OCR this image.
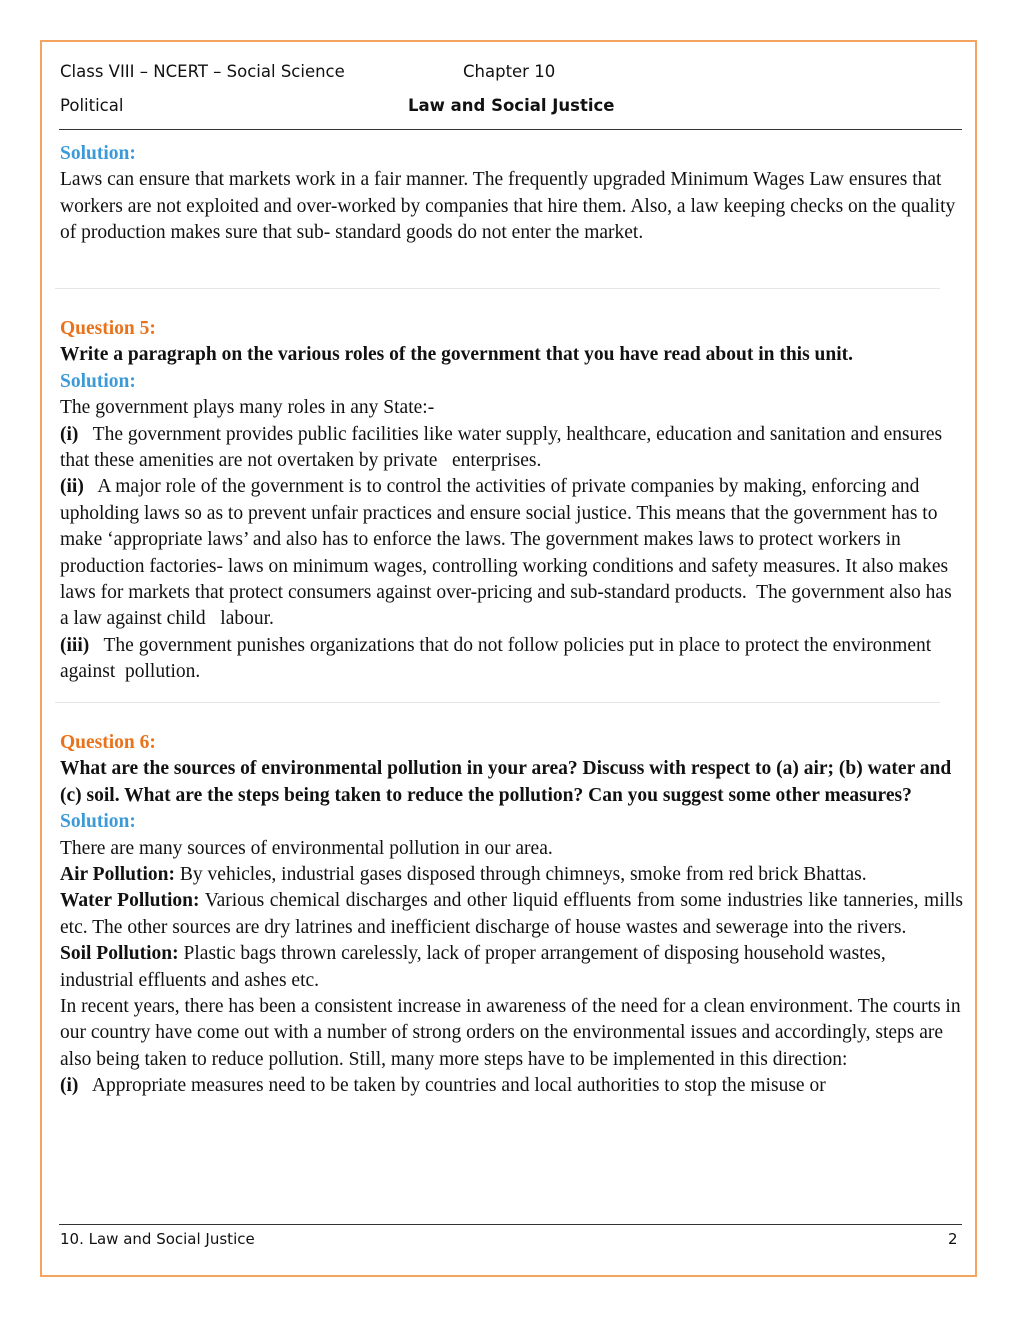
Class VIII – NCERT – Social Science	Chapter 10
Political	Law and Social Justice

Solution:

Laws can ensure that markets work in a fair manner. The frequently upgraded Minimum Wages Law ensures that workers are not exploited and over-worked by companies that hire them. Also, a law keeping checks on the quality of production makes sure that sub- standard goods do not enter the market.

Question 5:

Write a paragraph on the various roles of the government that you have read about in this unit.

Solution:

The government plays many roles in any State:-

(i)   The government provides public facilities like water supply, healthcare, education and sanitation and ensures that these amenities are not overtaken by private   enterprises.

(ii)   A major role of the government is to control the activities of private companies by making, enforcing and upholding laws so as to prevent unfair practices and ensure social justice. This means that the government has to make ‘appropriate laws’ and also has to enforce the laws. The government makes laws to protect workers in production factories- laws on minimum wages, controlling working conditions and safety measures. It also makes laws for markets that protect consumers against over-pricing and sub-standard products.  The government also has a law against child   labour.

(iii)   The government punishes organizations that do not follow policies put in place to protect the environment against  pollution.

Question 6:

What are the sources of environmental pollution in your area? Discuss with respect to (a) air; (b) water and (c) soil. What are the steps being taken to reduce the pollution? Can you suggest some other measures?

Solution:

There are many sources of environmental pollution in our area.

Air Pollution: By vehicles, industrial gases disposed through chimneys, smoke from red brick Bhattas.

Water Pollution: Various chemical discharges and other liquid effluents from some industries like tanneries, mills etc. The other sources are dry latrines and inefficient discharge of house wastes and sewerage into the rivers.

Soil Pollution: Plastic bags thrown carelessly, lack of proper arrangement of disposing household wastes, industrial effluents and ashes etc.

In recent years, there has been a consistent increase in awareness of the need for a clean environment. The courts in our country have come out with a number of strong orders on the environmental issues and accordingly, steps are also being taken to reduce pollution. Still, many more steps have to be implemented in this direction:

(i)   Appropriate measures need to be taken by countries and local authorities to stop the misuse or

10. Law and Social Justice	2
